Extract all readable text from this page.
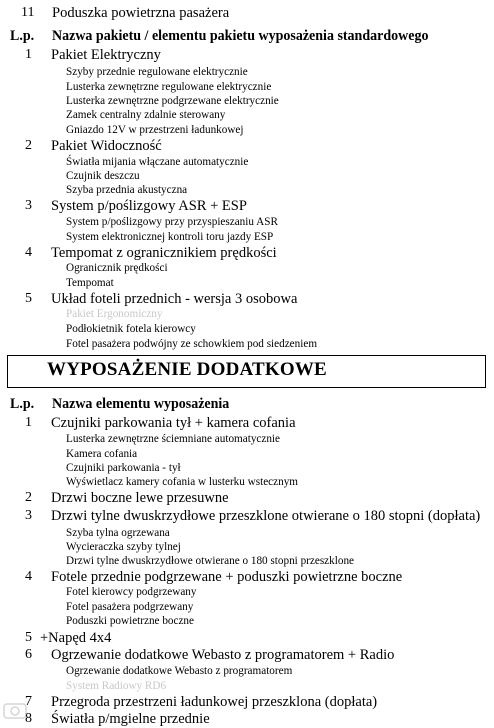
11 Poduszka powietrzna pasażera
L.p. Nazwa pakietu / elementu pakietu wyposażenia standardowego
1 Pakiet Elektryczny
Szyby przednie regulowane elektrycznie
Lusterka zewnętrzne regulowane elektrycznie
Lusterka zewnętrzne podgrzewane elektrycznie
Zamek centralny zdalnie sterowany
Gniazdo 12V w przestrzeni ładunkowej
2 Pakiet Widoczność
Światła mijania włączane automatycznie
Czujnik deszczu
Szyba przednia akustyczna
3 System p/poślizgowy ASR + ESP
System p/poślizgowy przy przyspieszaniu ASR
System elektronicznej kontroli toru jazdy ESP
4 Tempomat z ogranicznikiem prędkości
Ogranicznik prędkości
Tempomat
5 Układ foteli przednich - wersja 3 osobowa
Pakiet Ergonomiczny
Podłokietnik fotela kierowcy
Fotel pasażera podwójny ze schowkiem pod siedzeniem
WYPOSAŻENIE DODATKOWE
L.p. Nazwa elementu wyposażenia
1 Czujniki parkowania tył + kamera cofania
Lusterka zewnętrzne ściemniane automatycznie
Kamera cofania
Czujniki parkowania - tył
Wyświetlacz kamery cofania w lusterku wstecznym
2 Drzwi boczne lewe przesuwne
3 Drzwi tylne dwuskrzydłowe przeszklone otwierane o 180 stopni (dopłata)
Szyba tylna ogrzewana
Wycieraczka szyby tylnej
Drzwi tylne dwuskrzydłowe otwierane o 180 stopni przeszklone
4 Fotele przednie podgrzewane + poduszki powietrzne boczne
Fotel kierowcy podgrzewany
Fotel pasażera podgrzewany
Poduszki powietrzne boczne
5 +Napęd 4x4
6 Ogrzewanie dodatkowe Webasto z programatorem + Radio
Ogrzewanie dodatkowe Webasto z programatorem
System Radiowy RD6
7 Przegroda przestrzeni ładunkowej przeszklona (dopłata)
8 Światła p/mgielne przednie
